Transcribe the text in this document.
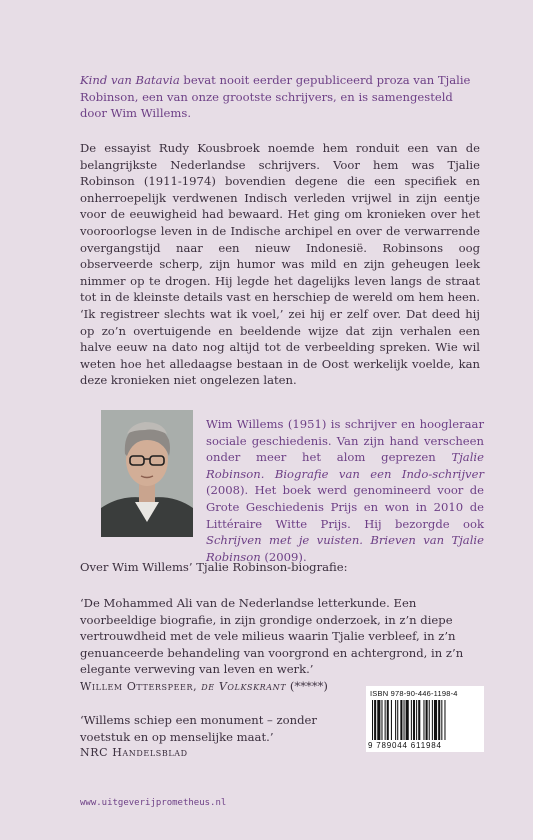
Kind van Batavia bevat nooit eerder gepubliceerd proza van Tjalie Robinson, een van onze grootste schrijvers, en is samengesteld door Wim Willems.

De essayist Rudy Kousbroek noemde hem ronduit een van de belangrijkste Nederlandse schrijvers. Voor hem was Tjalie Robinson (1911-1974) bovendien degene die een specifiek en onherroepelijk verdwenen Indisch verleden vrijwel in zijn eentje voor de eeuwigheid had bewaard. Het ging om kronieken over het vooroorlogse leven in de Indische archipel en over de verwarrende overgangstijd naar een nieuw Indonesië. Robinsons oog observeerde scherp, zijn humor was mild en zijn geheugen leek nimmer op te drogen. Hij legde het dagelijks leven langs de straat tot in de kleinste details vast en herschiep de wereld om hem heen. ‘Ik registreer slechts wat ik voel,’ zei hij er zelf over. Dat deed hij op zo’n overtuigende en beeldende wijze dat zijn verhalen een halve eeuw na dato nog altijd tot de verbeelding spreken. Wie wil weten hoe het alledaagse bestaan in de Oost werkelijk voelde, kan deze kronieken niet ongelezen laten.

Wim Willems (1951) is schrijver en hoogleraar sociale geschiedenis. Van zijn hand verscheen onder meer het alom geprezen Tjalie Robinson. Biografie van een Indo-schrijver (2008). Het boek werd genomineerd voor de Grote Geschiedenis Prijs en won in 2010 de Littéraire Witte Prijs. Hij bezorgde ook Schrijven met je vuisten. Brieven van Tjalie Robinson (2009).

Over Wim Willems’ Tjalie Robinson-biografie:

‘De Mohammed Ali van de Nederlandse letterkunde. Een voorbeeldige biografie, in zijn grondige onderzoek, in z’n diepe vertrouwdheid met de vele milieus waarin Tjalie verbleef, in z’n genuanceerde behandeling van voorgrond en achtergrond, in z’n elegante verweving van leven en werk.’

Willem Otterspeer, de Volkskrant (*****)

‘Willems schiep een monument – zonder voetstuk en op menselijke maat.’

NRC Handelsblad

www.uitgeverijprometheus.nl
ISBN 978-90-446-1198-4
9 789044 611984
